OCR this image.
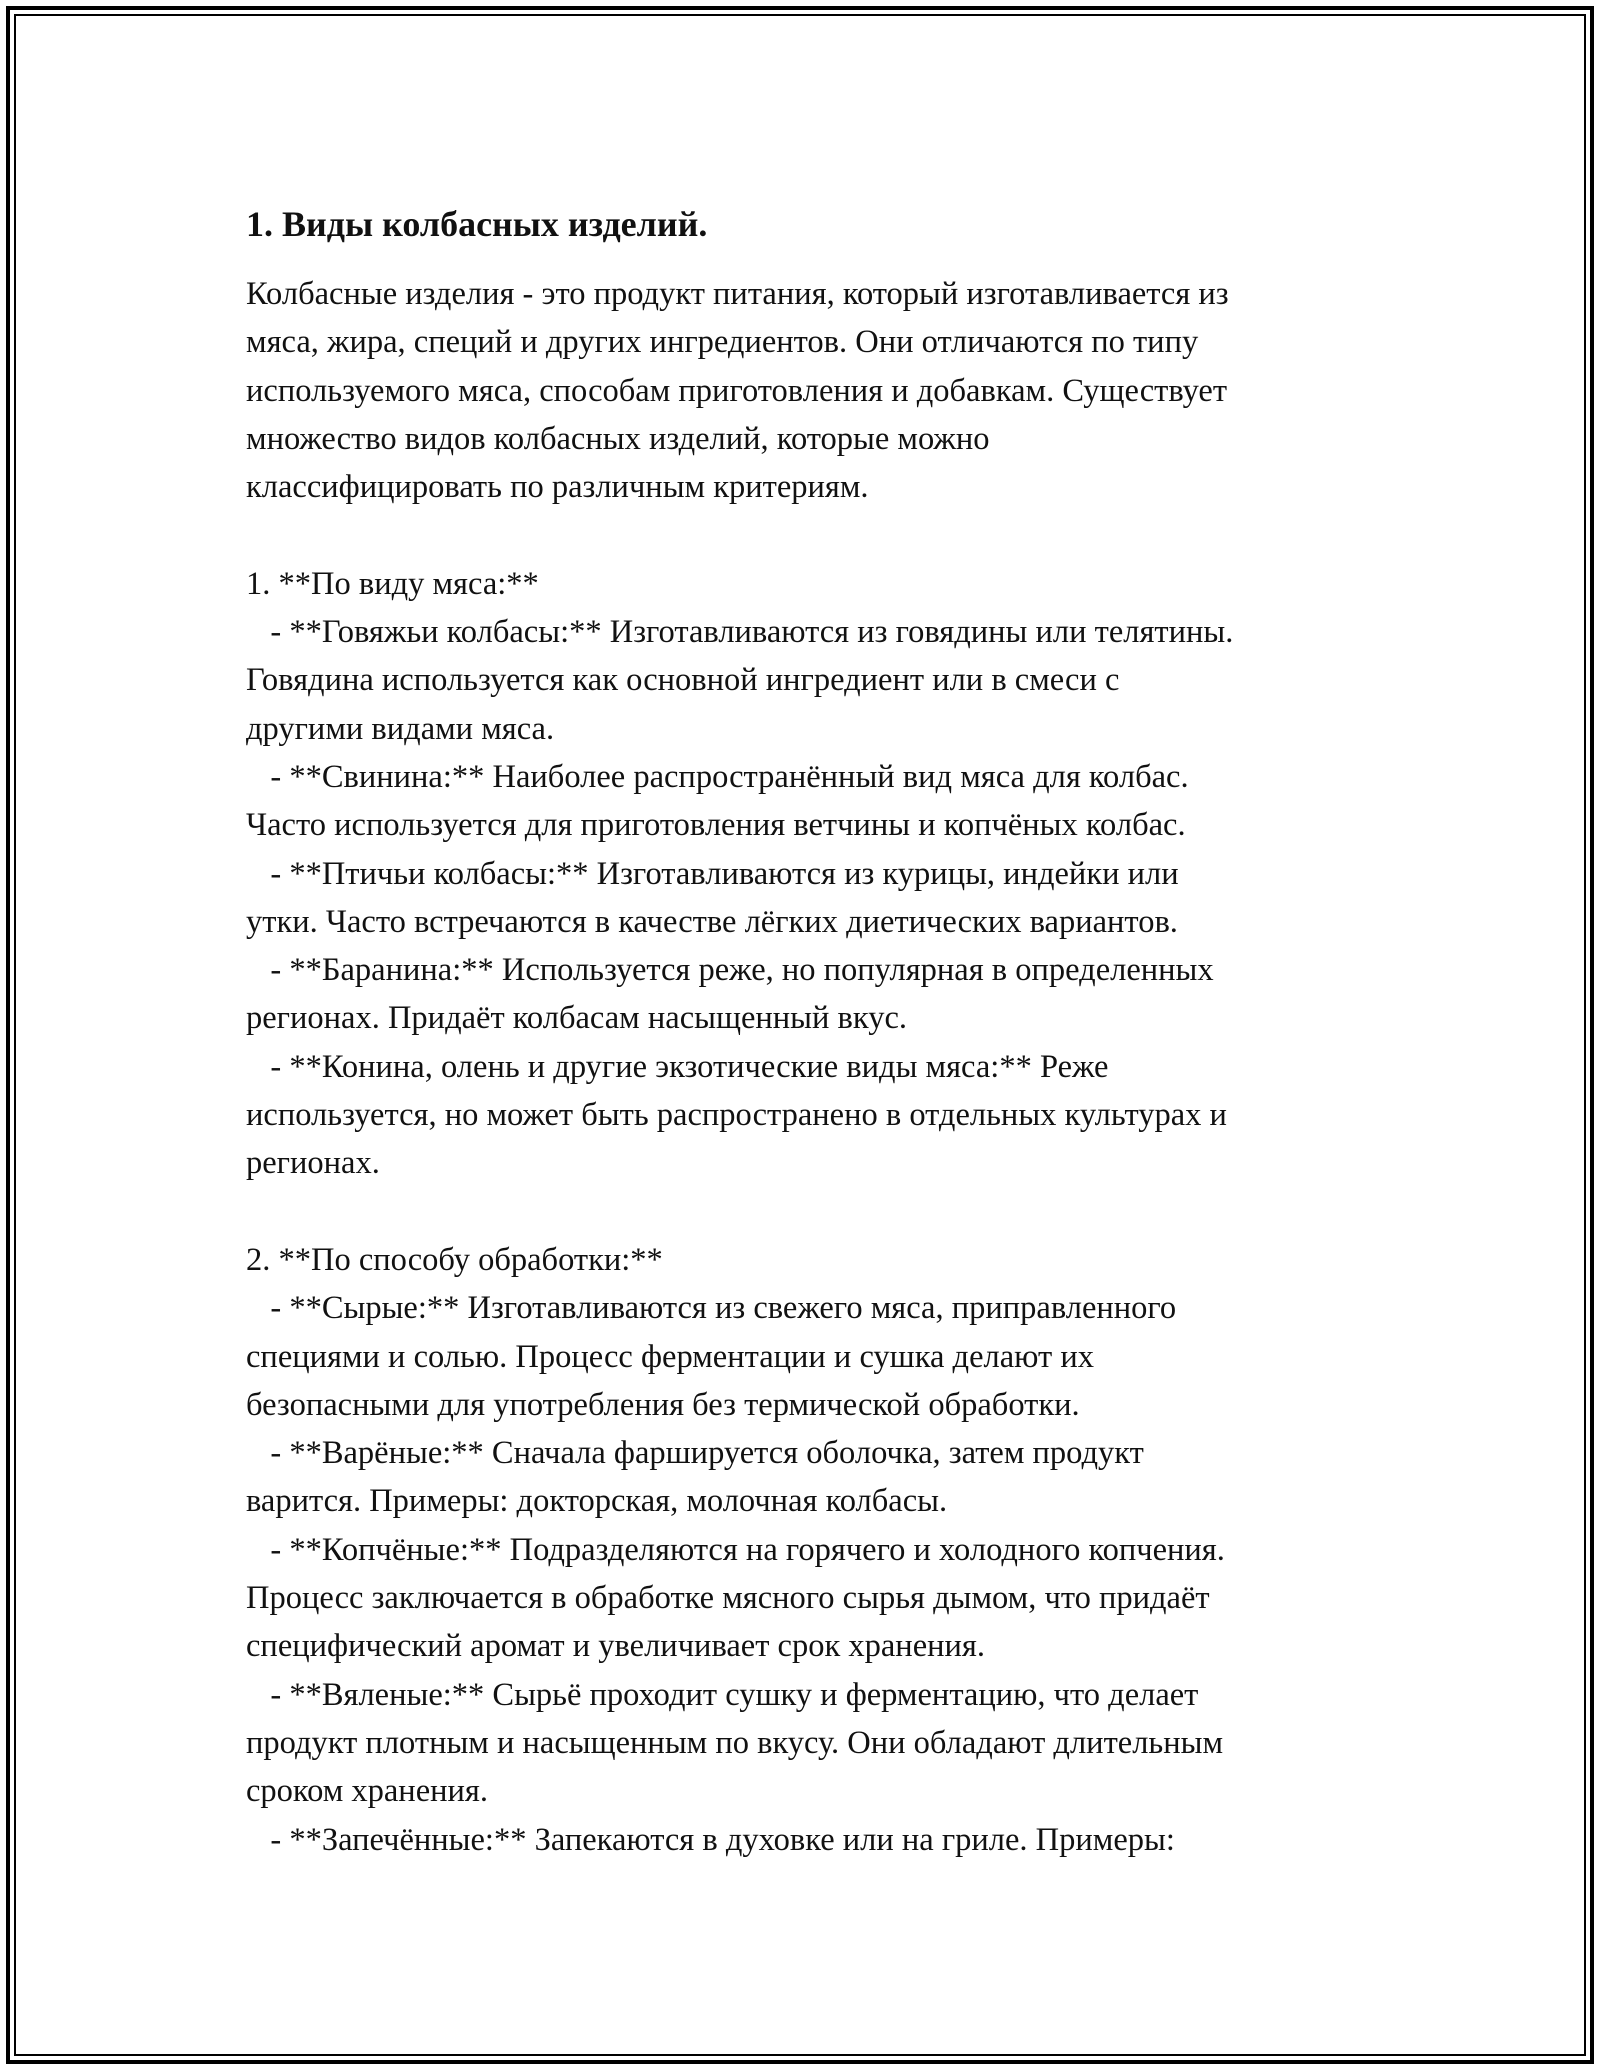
1. Виды колбасных изделий.
Колбасные изделия - это продукт питания, который изготавливается из
мяса, жира, специй и других ингредиентов. Они отличаются по типу
используемого мяса, способам приготовления и добавкам. Существует
множество видов колбасных изделий, которые можно
классифицировать по различным критериям.
1. **По виду мяса:**
- **Говяжьи колбасы:** Изготавливаются из говядины или телятины.
Говядина используется как основной ингредиент или в смеси с
другими видами мяса.
- **Свинина:** Наиболее распространённый вид мяса для колбас.
Часто используется для приготовления ветчины и копчёных колбас.
- **Птичьи колбасы:** Изготавливаются из курицы, индейки или
утки. Часто встречаются в качестве лёгких диетических вариантов.
- **Баранина:** Используется реже, но популярная в определенных
регионах. Придаёт колбасам насыщенный вкус.
- **Конина, олень и другие экзотические виды мяса:** Реже
используется, но может быть распространено в отдельных культурах и
регионах.
2. **По способу обработки:**
- **Сырые:** Изготавливаются из свежего мяса, приправленного
специями и солью. Процесс ферментации и сушка делают их
безопасными для употребления без термической обработки.
- **Варёные:** Сначала фаршируется оболочка, затем продукт
варится. Примеры: докторская, молочная колбасы.
- **Копчёные:** Подразделяются на горячего и холодного копчения.
Процесс заключается в обработке мясного сырья дымом, что придаёт
специфический аромат и увеличивает срок хранения.
- **Вяленые:** Сырьё проходит сушку и ферментацию, что делает
продукт плотным и насыщенным по вкусу. Они обладают длительным
сроком хранения.
- **Запечённые:** Запекаются в духовке или на гриле. Примеры:
